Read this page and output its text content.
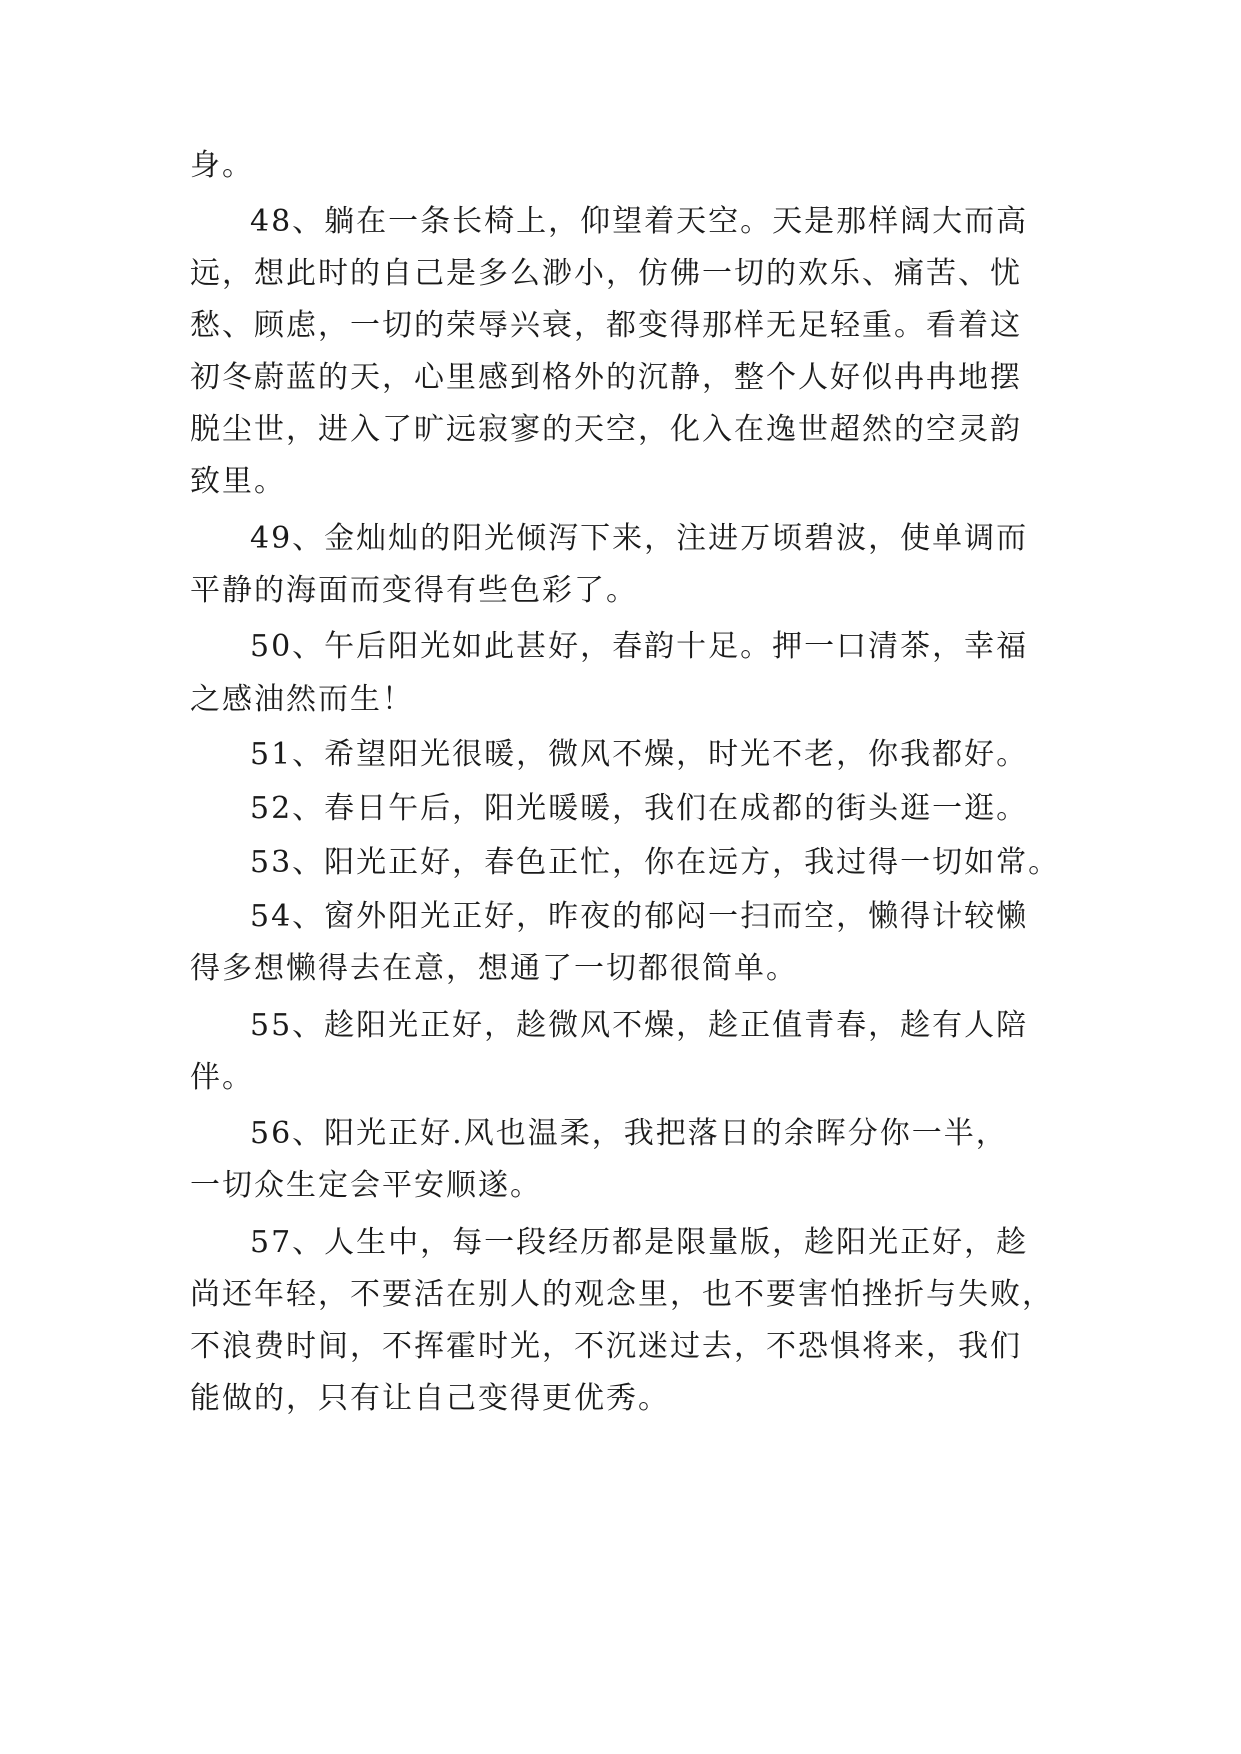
身。
48、躺在一条长椅上，仰望着天空。天是那样阔大而高
远，想此时的自己是多么渺小，仿佛一切的欢乐、痛苦、忧
愁、顾虑，一切的荣辱兴衰，都变得那样无足轻重。看着这
初冬蔚蓝的天，心里感到格外的沉静，整个人好似冉冉地摆
脱尘世，进入了旷远寂寥的天空，化入在逸世超然的空灵韵
致里。
49、金灿灿的阳光倾泻下来，注进万顷碧波，使单调而
平静的海面而变得有些色彩了。
50、午后阳光如此甚好，春韵十足。押一口清茶，幸福
之感油然而生！
51、希望阳光很暖，微风不燥，时光不老，你我都好。
52、春日午后，阳光暖暖，我们在成都的街头逛一逛。
53、阳光正好，春色正忙，你在远方，我过得一切如常。
54、窗外阳光正好，昨夜的郁闷一扫而空，懒得计较懒
得多想懒得去在意，想通了一切都很简单。
55、趁阳光正好，趁微风不燥，趁正值青春，趁有人陪
伴。
56、阳光正好.风也温柔，我把落日的余晖分你一半，
一切众生定会平安顺遂。
57、人生中，每一段经历都是限量版，趁阳光正好，趁
尚还年轻，不要活在别人的观念里，也不要害怕挫折与失败，
不浪费时间，不挥霍时光，不沉迷过去，不恐惧将来，我们
能做的，只有让自己变得更优秀。
